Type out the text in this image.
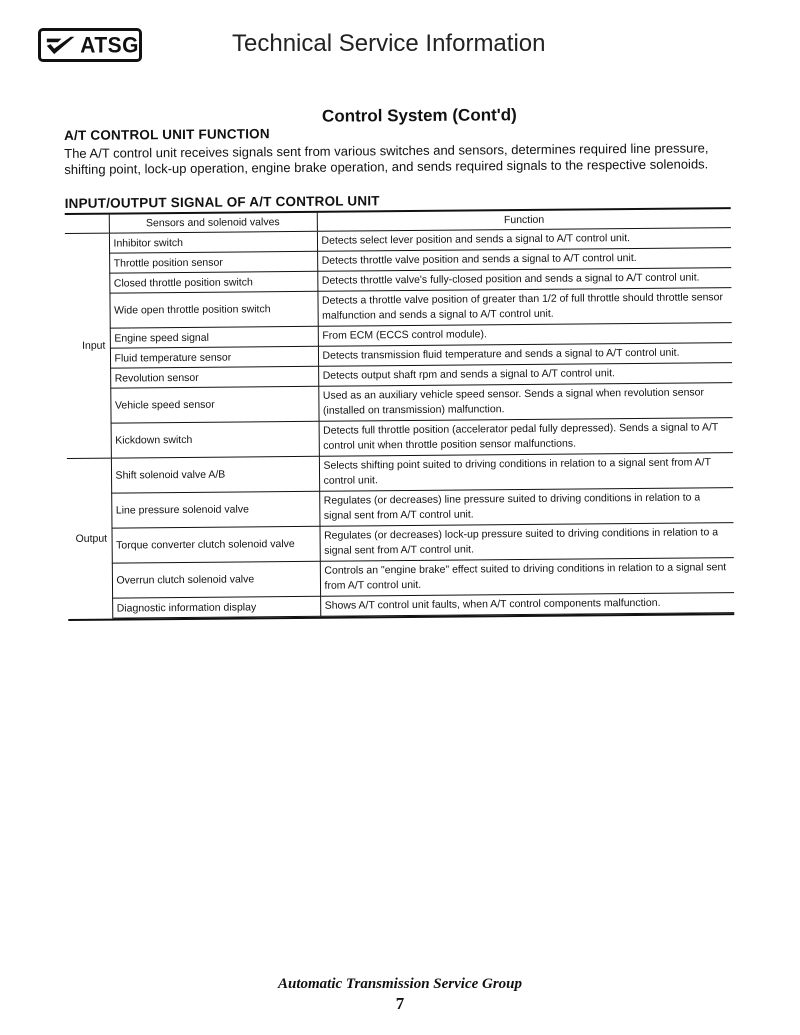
ATSG	Technical Service Information
Control System (Cont'd)
A/T CONTROL UNIT FUNCTION

The A/T control unit receives signals sent from various switches and sensors, determines required line pressure, shifting point, lock-up operation, engine brake operation, and sends required signals to the respective solenoids.

INPUT/OUTPUT SIGNAL OF A/T CONTROL UNIT
	Sensors and solenoid valves	Function
Input	Inhibitor switch	Detects select lever position and sends a signal to A/T control unit.
	Throttle position sensor	Detects throttle valve position and sends a signal to A/T control unit.
	Closed throttle position switch	Detects throttle valve's fully-closed position and sends a signal to A/T control unit.
	Wide open throttle position switch	Detects a throttle valve position of greater than 1/2 of full throttle should throttle sensor malfunction and sends a signal to A/T control unit.
	Engine speed signal	From ECM (ECCS control module).
	Fluid temperature sensor	Detects transmission fluid temperature and sends a signal to A/T control unit.
	Revolution sensor	Detects output shaft rpm and sends a signal to A/T control unit.
	Vehicle speed sensor	Used as an auxiliary vehicle speed sensor. Sends a signal when revolution sensor (installed on transmission) malfunction.
	Kickdown switch	Detects full throttle position (accelerator pedal fully depressed). Sends a signal to A/T control unit when throttle position sensor malfunctions.
Output	Shift solenoid valve A/B	Selects shifting point suited to driving conditions in relation to a signal sent from A/T control unit.
	Line pressure solenoid valve	Regulates (or decreases) line pressure suited to driving conditions in relation to a signal sent from A/T control unit.
	Torque converter clutch solenoid valve	Regulates (or decreases) lock-up pressure suited to driving conditions in relation to a signal sent from A/T control unit.
	Overrun clutch solenoid valve	Controls an "engine brake" effect suited to driving conditions in relation to a signal sent from A/T control unit.
	Diagnostic information display	Shows A/T control unit faults, when A/T control components malfunction.
Automatic Transmission Service Group
7
